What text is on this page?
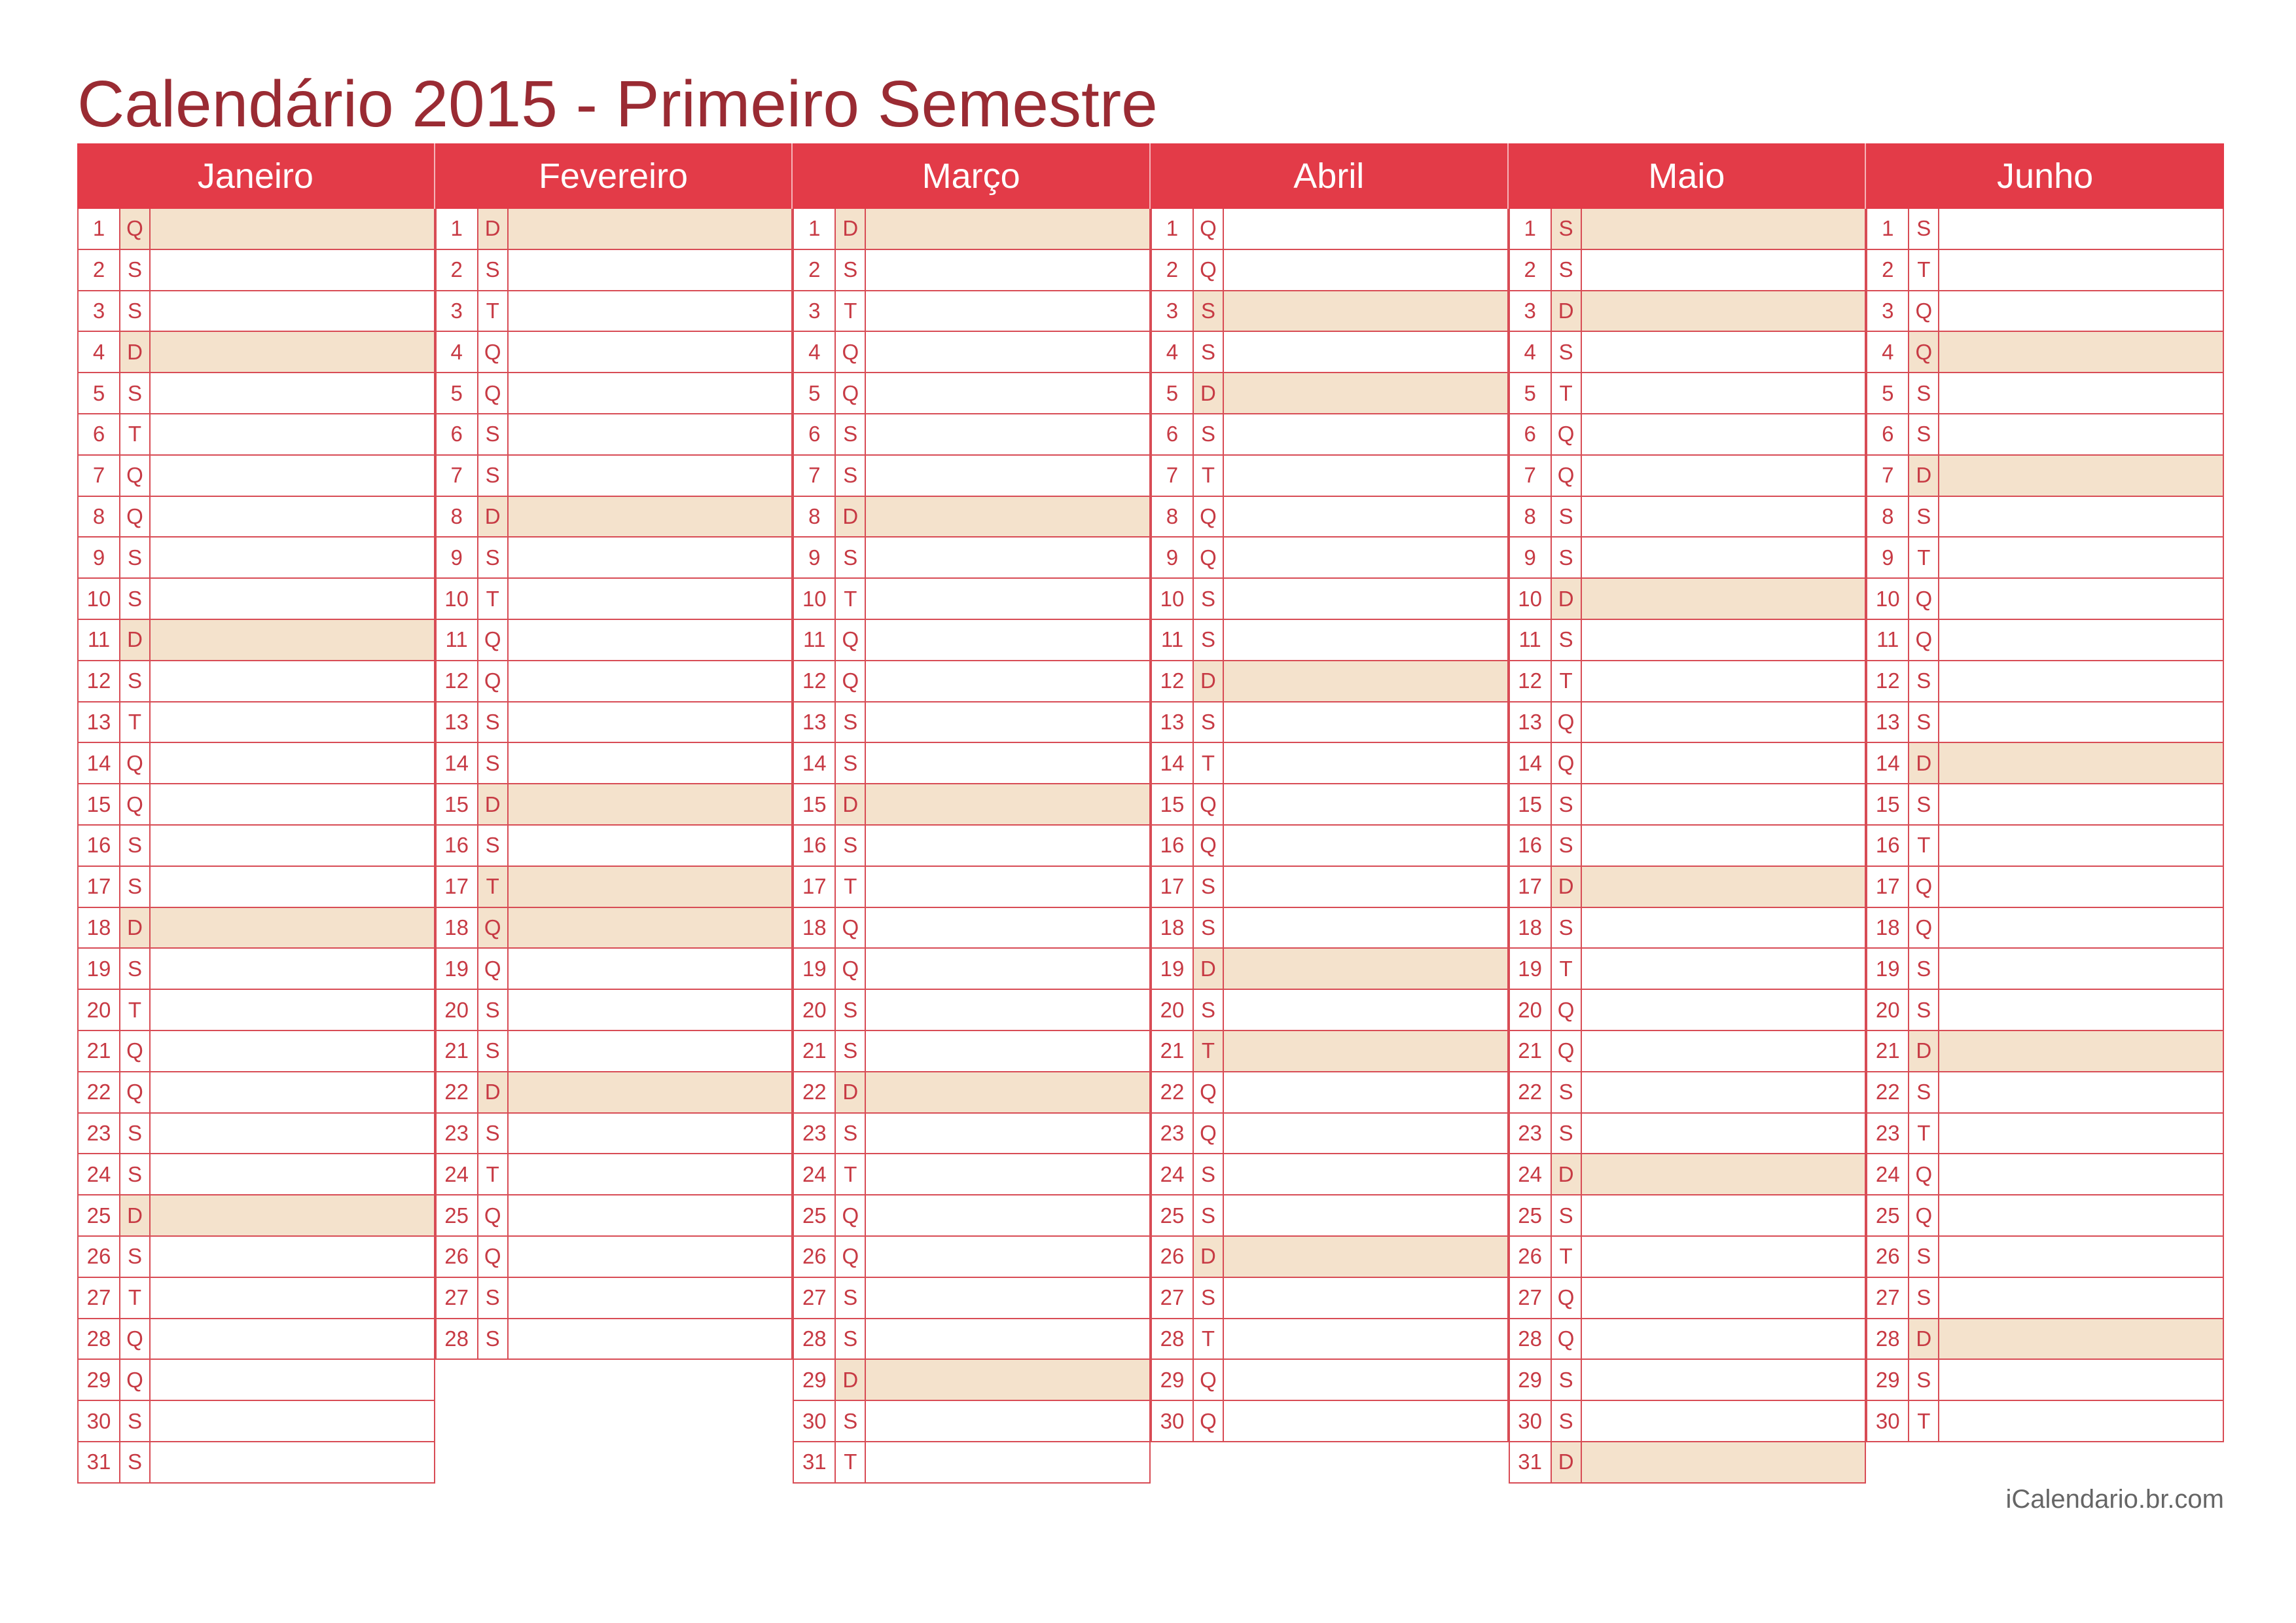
Calendário 2015 - Primeiro Semestre
Janeiro
1 Q
2	S
3	S
4	D
5	S
6	T
7 Q
8 Q
9	S
10 S
11 D
12 S
13 T
14 Q
15 Q
16 S
17 S
18 D
19 S
20 T
21 Q
22 Q
23 S
24 S
25 D
26 S
27 T
28 Q
29 Q
30 S
31 S
Fevereiro
1	D
2	S
3	T
4 Q
5 Q
6	S
7	S
8	D
9	S
10 T
11 Q
12 Q
13 S
14 S
15 D
16 S
17 T
18 Q
19 Q
20 S
21 S
22 D
23 S
24 T
25 Q
26 Q
27 S
28 S
Março
1	D
2	S
3	T
4 Q
5 Q
6	S
7	S
8	D
9	S
10 T
11 Q
12 Q
13 S
14 S
15 D
16 S
17 T
18 Q
19 Q
20 S
21 S
22 D
23 S
24 T
25 Q
26 Q
27 S
28 S
29 D
30 S
31 T
Abril
1 Q
2 Q
3	S
4	S
5	D
6	S
7	T
8 Q
9 Q
10 S
11 S
12 D
13 S
14 T
15 Q
16 Q
17 S
18 S
19 D
20 S
21 T
22 Q
23 Q
24 S
25 S
26 D
27 S
28 T
29 Q
30 Q
Maio
1	S
2	S
3	D
4	S
5	T
6 Q
7 Q
8	S
9	S
10 D
11 S
12 T
13 Q
14 Q
15 S
16 S
17 D
18 S
19 T
20 Q
21 Q
22 S
23 S
24 D
25 S
26 T
27 Q
28 Q
29 S
30 S
31 D
Junho
1	S
2	T
3 Q
4 Q
5	S
6	S
7	D
8	S
9	T
10 Q
11 Q
12 S
13 S
14 D
15 S
16 T
17 Q
18 Q
19 S
20 S
21 D
22 S
23 T
24 Q
25 Q
26 S
27 S
28 D
29 S
30 T
iCalendario.br.com
